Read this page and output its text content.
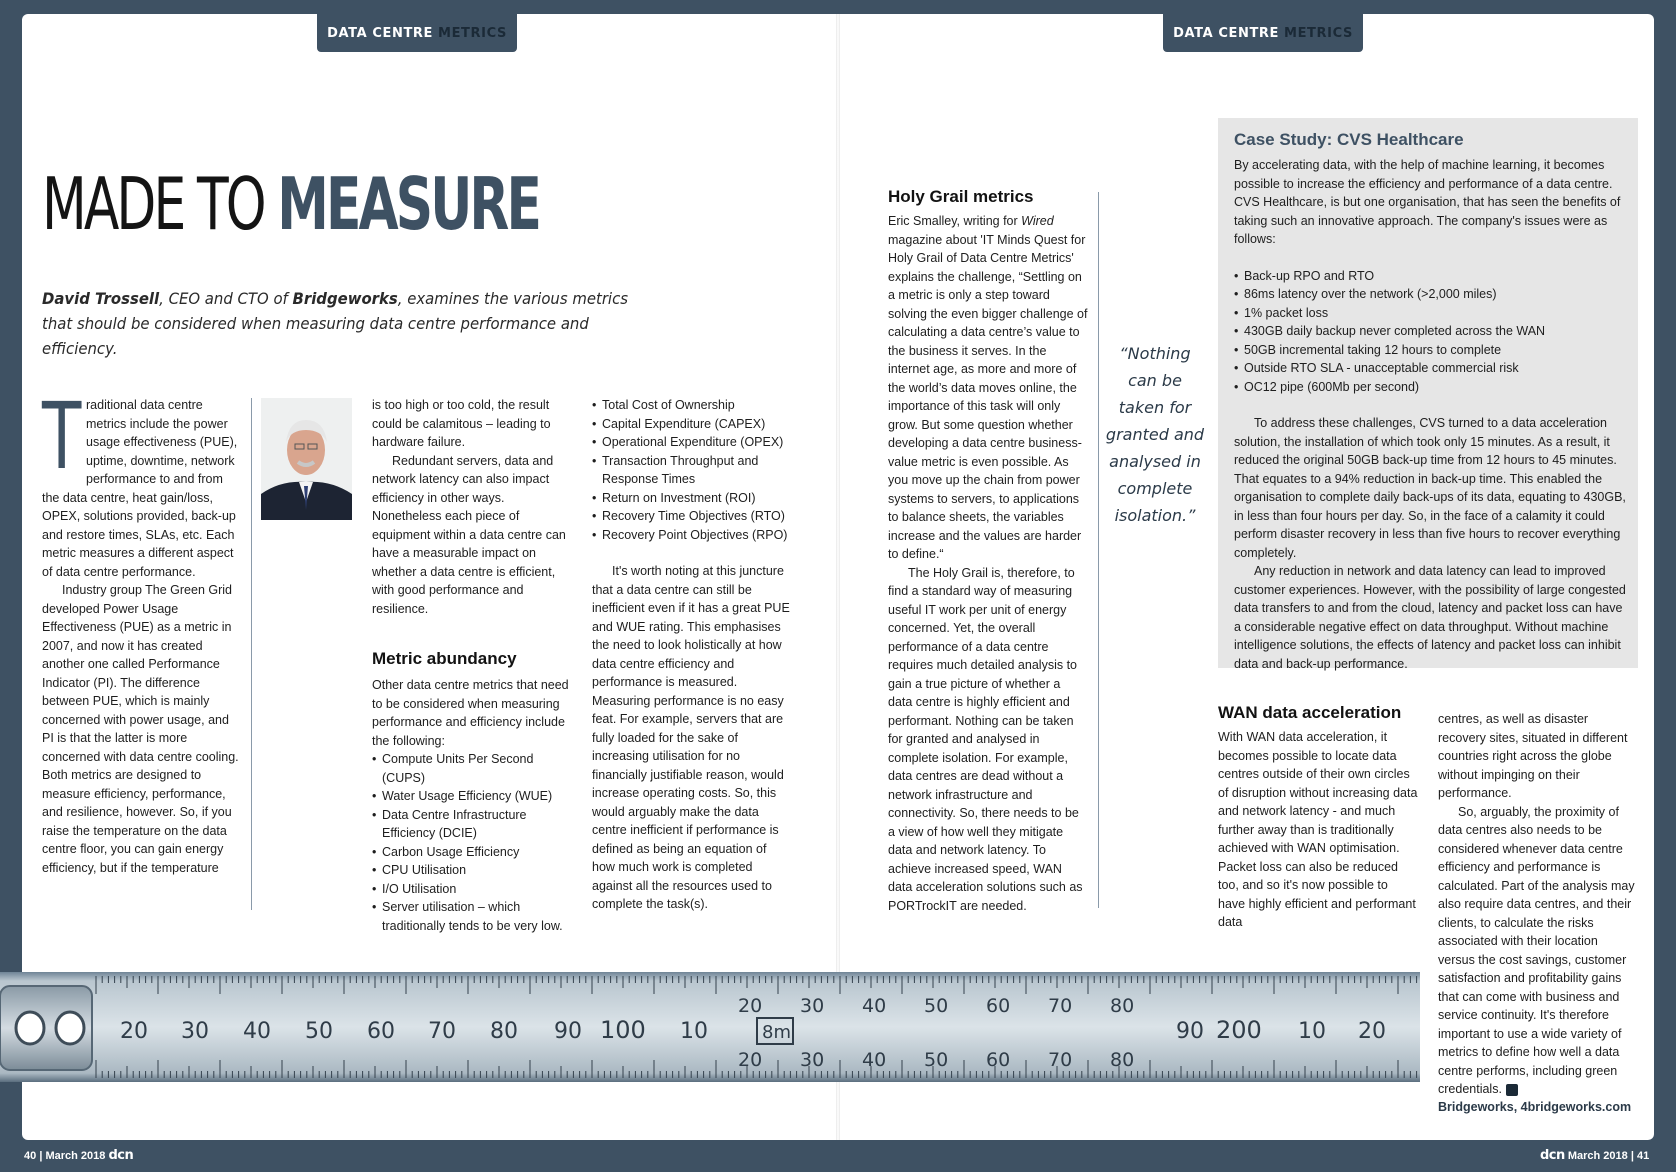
DATA CENTRE METRICS	DATA CENTRE METRICS
MADE TO MEASURE
David Trossell, CEO and CTO of Bridgeworks, examines the various metrics that should be considered when measuring data centre performance and efficiency.
T raditional data centre metrics include the power usage effectiveness (PUE), uptime, downtime, network performance to and from the data centre, heat gain/loss, OPEX, solutions provided, back-up and restore times, SLAs, etc. Each metric measures a different aspect of data centre performance.

Industry group The Green Grid developed Power Usage Effectiveness (PUE) as a metric in 2007, and now it has created another one called Performance Indicator (PI). The difference between PUE, which is mainly concerned with power usage, and PI is that the latter is more concerned with data centre cooling. Both metrics are designed to measure efficiency, performance, and resilience, however. So, if you raise the temperature on the data centre floor, you can gain energy efficiency, but if the temperature

is too high or too cold, the result could be calamitous – leading to hardware failure.

Redundant servers, data and network latency can also impact efficiency in other ways. Nonetheless each piece of equipment within a data centre can have a measurable impact on whether a data centre is efficient, with good performance and resilience.

Metric abundancy

Other data centre metrics that need to be considered when measuring performance and efficiency include the following:

• Compute Units Per Second (CUPS)
• Water Usage Efficiency (WUE)
• Data Centre Infrastructure Efficiency (DCIE)
• Carbon Usage Efficiency
• CPU Utilisation
• I/O Utilisation
• Server utilisation – which traditionally tends to be very low.
• Total Cost of Ownership
• Capital Expenditure (CAPEX)
• Operational Expenditure (OPEX)
• Transaction Throughput and Response Times
• Return on Investment (ROI)
• Recovery Time Objectives (RTO)
• Recovery Point Objectives (RPO)

It's worth noting at this juncture that a data centre can still be inefficient even if it has a great PUE and WUE rating. This emphasises the need to look holistically at how data centre efficiency and performance is measured. Measuring performance is no easy feat. For example, servers that are fully loaded for the sake of increasing utilisation for no financially justifiable reason, would increase operating costs. So, this would arguably make the data centre inefficient if performance is defined as being an equation of how much work is completed against all the resources used to complete the task(s).

Holy Grail metrics

Eric Smalley, writing for Wired magazine about 'IT Minds Quest for Holy Grail of Data Centre Metrics' explains the challenge, “Settling on a metric is only a step toward solving the even bigger challenge of calculating a data centre’s value to the business it serves. In the internet age, as more and more of the world’s data moves online, the importance of this task will only grow. But some question whether developing a data centre business-value metric is even possible. As you move up the chain from power systems to servers, to applications to balance sheets, the variables increase and the values are harder to define.“

The Holy Grail is, therefore, to find a standard way of measuring useful IT work per unit of energy concerned. Yet, the overall performance of a data centre requires much detailed analysis to gain a true picture of whether a data centre is highly efficient and performant. Nothing can be taken for granted and analysed in complete isolation. For example, data centres are dead without a network infrastructure and connectivity. So, there needs to be a view of how well they mitigate data and network latency. To achieve increased speed, WAN data acceleration solutions such as PORTrockIT are needed.

“Nothing can be taken for granted and analysed in complete isolation.”
Case Study: CVS Healthcare

By accelerating data, with the help of machine learning, it becomes possible to increase the efficiency and performance of a data centre. CVS Healthcare, is but one organisation, that has seen the benefits of taking such an innovative approach. The company's issues were as follows:

• Back-up RPO and RTO
• 86ms latency over the network (>2,000 miles)
• 1% packet loss
• 430GB daily backup never completed across the WAN
• 50GB incremental taking 12 hours to complete
• Outside RTO SLA - unacceptable commercial risk
• OC12 pipe (600Mb per second)

To address these challenges, CVS turned to a data acceleration solution, the installation of which took only 15 minutes. As a result, it reduced the original 50GB back-up time from 12 hours to 45 minutes. That equates to a 94% reduction in back-up time. This enabled the organisation to complete daily back-ups of its data, equating to 430GB, in less than four hours per day. So, in the face of a calamity it could perform disaster recovery in less than five hours to recover everything completely.

Any reduction in network and data latency can lead to improved customer experiences. However, with the possibility of large congested data transfers to and from the cloud, latency and packet loss can have a considerable negative effect on data throughput. Without machine intelligence solutions, the effects of latency and packet loss can inhibit data and back-up performance.

WAN data acceleration

With WAN data acceleration, it becomes possible to locate data centres outside of their own circles of disruption without increasing data and network latency - and much further away than is traditionally achieved with WAN optimisation. Packet loss can also be reduced too, and so it's now possible to have highly efficient and performant data

centres, as well as disaster recovery sites, situated in different countries right across the globe without impinging on their performance.

So, arguably, the proximity of data centres also needs to be considered whenever data centre efficiency and performance is calculated. Part of the analysis may also require data centres, and their clients, to calculate the risks associated with their location versus the cost savings, customer satisfaction and profitability gains that can come with business and service continuity. It's therefore important to use a wide variety of metrics to define how well a data centre performs, including green credentials.	d

20 30 40 50 60 70 80 90 100 10
20 30 40 50 60 70 80
20 30 40 50 60 70 80
8m	90 200 10 20
Bridgeworks, 4bridgeworks.com
40 | March 2018 dcn	dcn March 2018 | 41
